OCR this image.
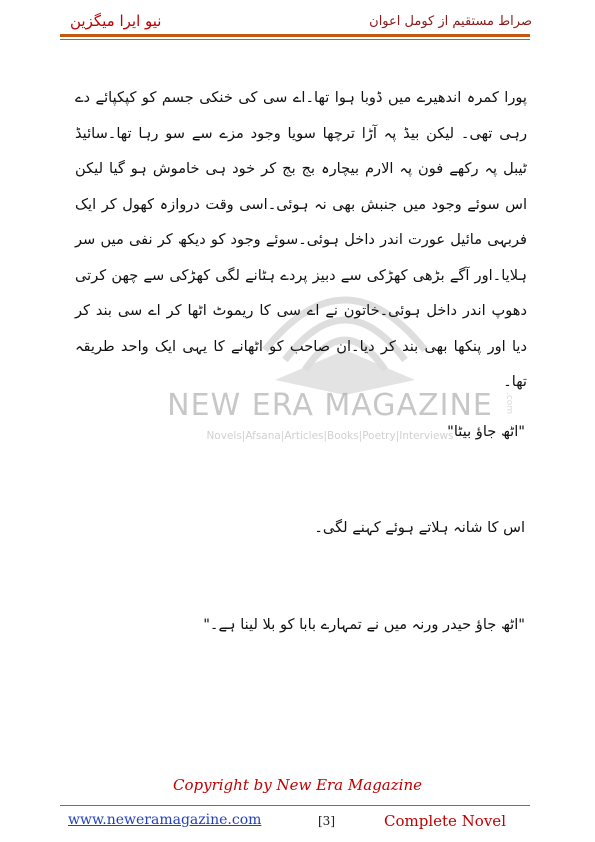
نیو ایرا میگزین	صراط مستقیم از کومل اعوان
NEW ERA MAGAZINE
Novels|Afsana|Articles|Books|Poetry|Interviews
.com
پورا کمرہ اندھیرے میں ڈوبا ہوا تھا۔اے سی کی خنکی جسم کو کپکپائے دے رہی تھی۔ لیکن بیڈ پہ آڑا ترچھا سویا وجود مزے سے سو رہا تھا۔سائیڈ ٹیبل پہ رکھے فون پہ الارم بیچارہ بج بج کر خود ہی خاموش ہو گیا لیکن اس سوئے وجود میں جنبش بھی نہ ہوئی۔اسی وقت دروازہ کھول کر ایک فربہی مائیل عورت اندر داخل ہوئی۔سوئے وجود کو دیکھ کر نفی میں سر ہلایا۔اور آگے بڑھی کھڑکی سے دبیز پردے ہٹانے لگی کھڑکی سے چھن کرتی دھوپ اندر داخل ہوئی۔خاتون نے اے سی کا ریموٹ اٹھا کر اے سی بند کر دیا اور پنکھا بھی بند کر دیا۔ان صاحب کو اٹھانے کا یہی ایک واحد طریقہ تھا۔
"اٹھ جاؤ بیٹا"
اس کا شانہ ہلاتے ہوئے کہنے لگی۔
"اٹھ جاؤ حیدر ورنہ میں نے تمہارے بابا کو بلا لینا ہے۔"
Copyright by New Era Magazine
www.neweramagazine.com	[3]	Complete Novel
